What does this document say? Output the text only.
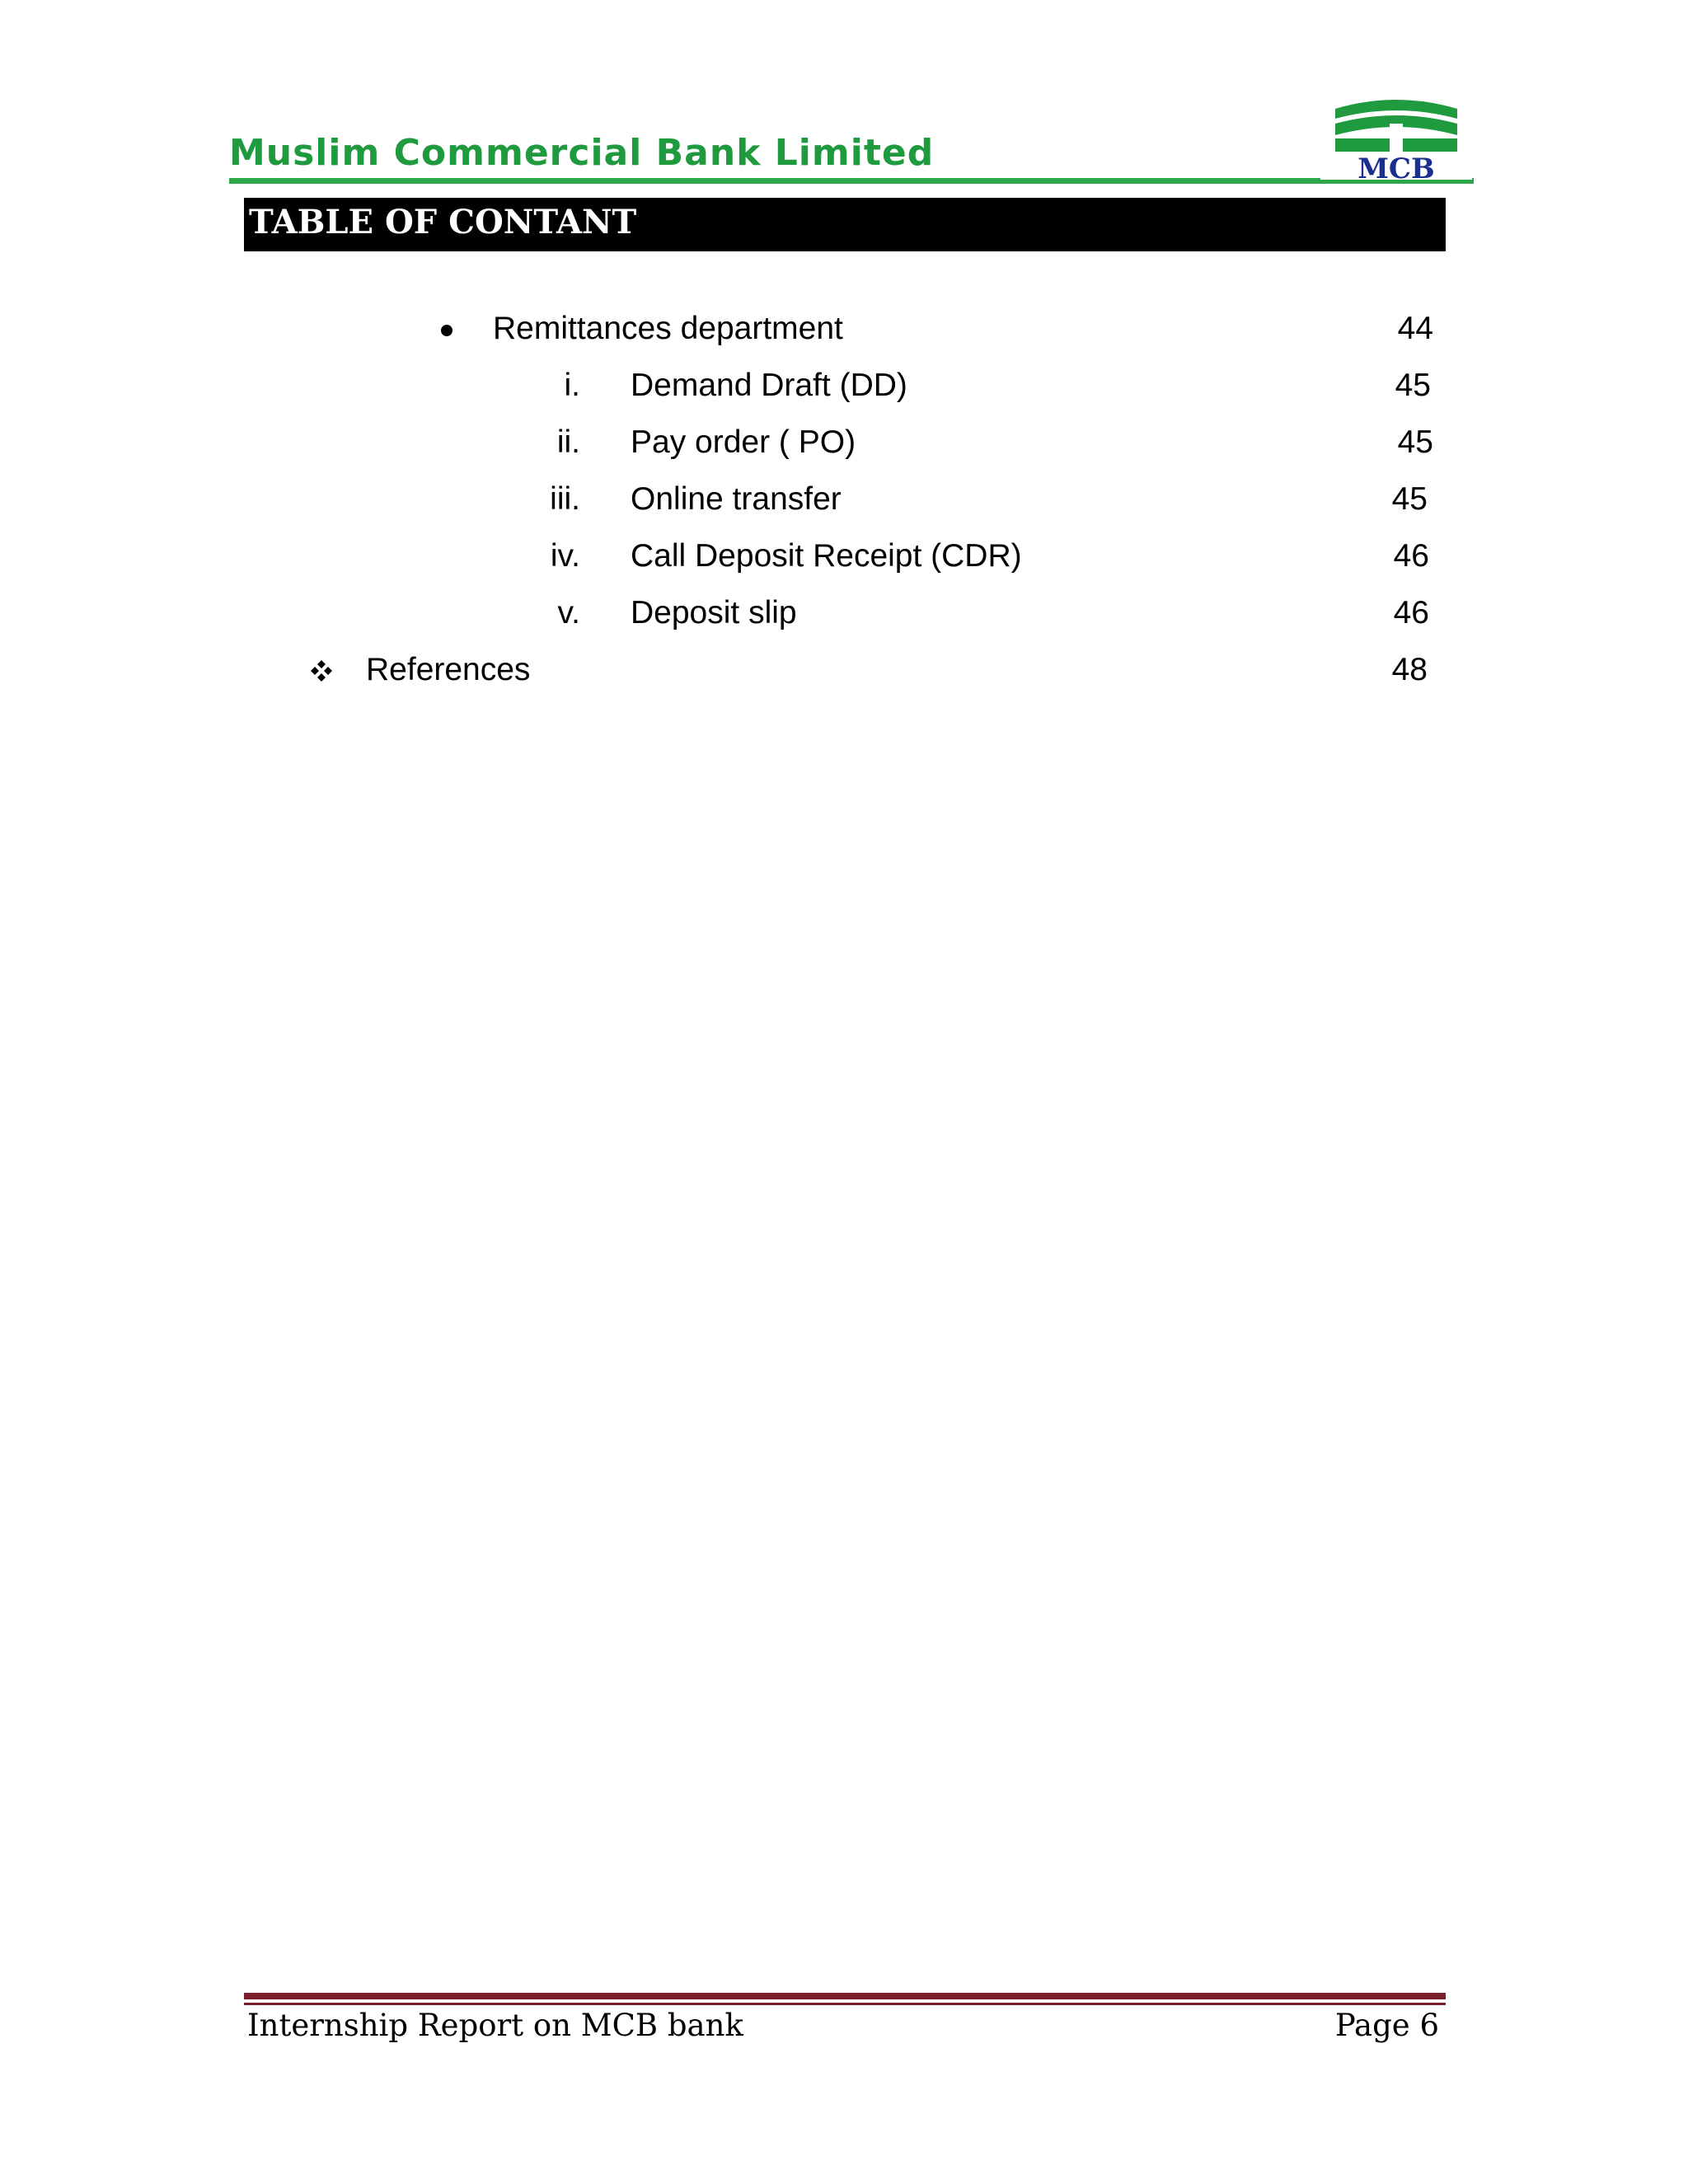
Muslim Commercial Bank Limited	MCB
TABLE OF CONTANT
Remittances department	44
i. Demand Draft (DD)	45
ii. Pay order ( PO)	45
iii. Online transfer	45
iv. Call Deposit Receipt (CDR)	46
v. Deposit slip	46
References	48
Internship Report on MCB bank	Page 6
